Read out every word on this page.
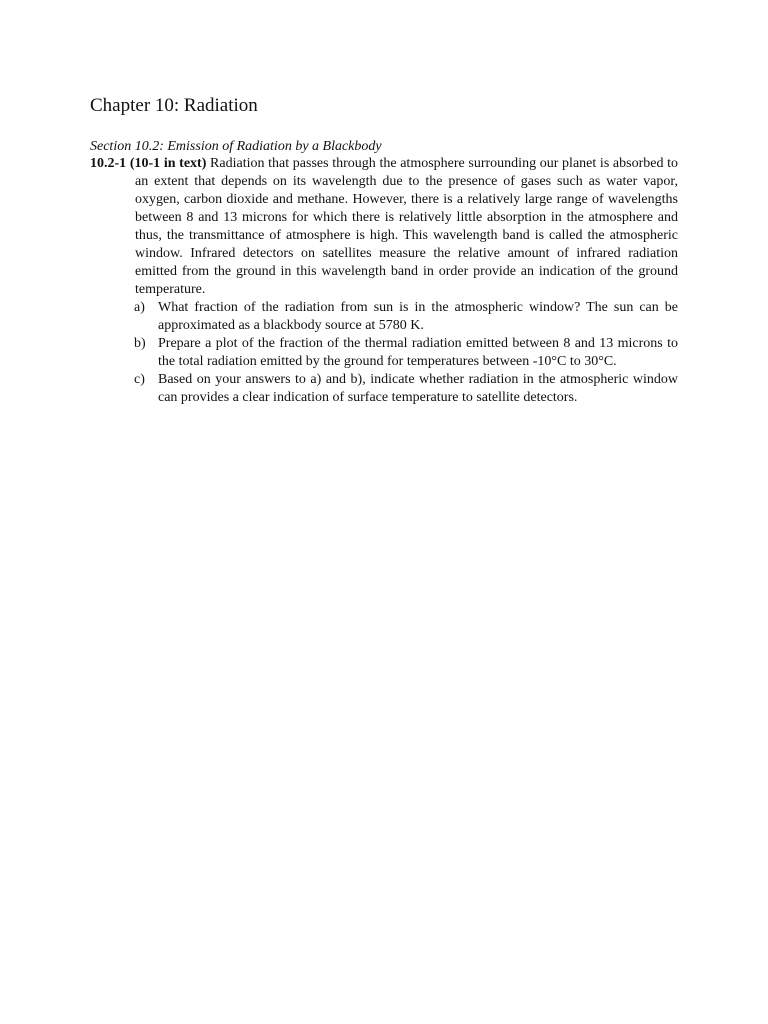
Chapter 10: Radiation
Section 10.2: Emission of Radiation by a Blackbody
10.2-1 (10-1 in text) Radiation that passes through the atmosphere surrounding our planet is absorbed to an extent that depends on its wavelength due to the presence of gases such as water vapor, oxygen, carbon dioxide and methane. However, there is a relatively large range of wavelengths between 8 and 13 microns for which there is relatively little absorption in the atmosphere and thus, the transmittance of atmosphere is high. This wavelength band is called the atmospheric window. Infrared detectors on satellites measure the relative amount of infrared radiation emitted from the ground in this wavelength band in order provide an indication of the ground temperature.
a) What fraction of the radiation from sun is in the atmospheric window? The sun can be approximated as a blackbody source at 5780 K.
b) Prepare a plot of the fraction of the thermal radiation emitted between 8 and 13 microns to the total radiation emitted by the ground for temperatures between -10°C to 30°C.
c) Based on your answers to a) and b), indicate whether radiation in the atmospheric window can provides a clear indication of surface temperature to satellite detectors.
